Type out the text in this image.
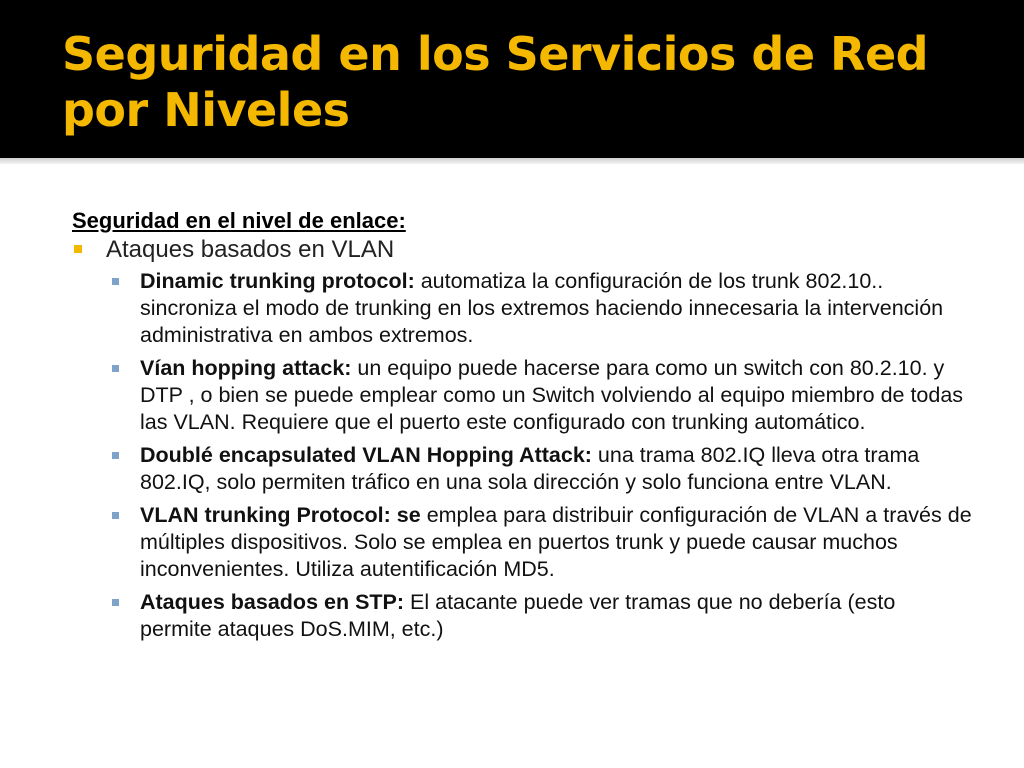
Seguridad en los Servicios de Red por Niveles

Seguridad en el nivel de enlace:

Ataques basados en VLAN
Dinamic trunking protocol: automatiza la configuración de los trunk 802.10.. sincroniza el modo de trunking en los extremos haciendo innecesaria la intervención administrativa en ambos extremos.
Vían hopping attack: un equipo puede hacerse para como un switch con 80.2.10. y DTP , o bien se puede emplear como un Switch volviendo al equipo miembro de todas las VLAN. Requiere que el puerto este configurado con trunking automático.
Doublé encapsulated VLAN Hopping Attack: una trama 802.IQ lleva otra trama 802.IQ, solo permiten tráfico en una sola dirección y solo funciona entre VLAN.
VLAN trunking Protocol: se emplea para distribuir configuración de VLAN a través de múltiples dispositivos. Solo se emplea en puertos trunk y puede causar muchos inconvenientes. Utiliza autentificación MD5.
Ataques basados en STP: El atacante puede ver tramas que no debería (esto permite ataques DoS.MIM, etc.)
